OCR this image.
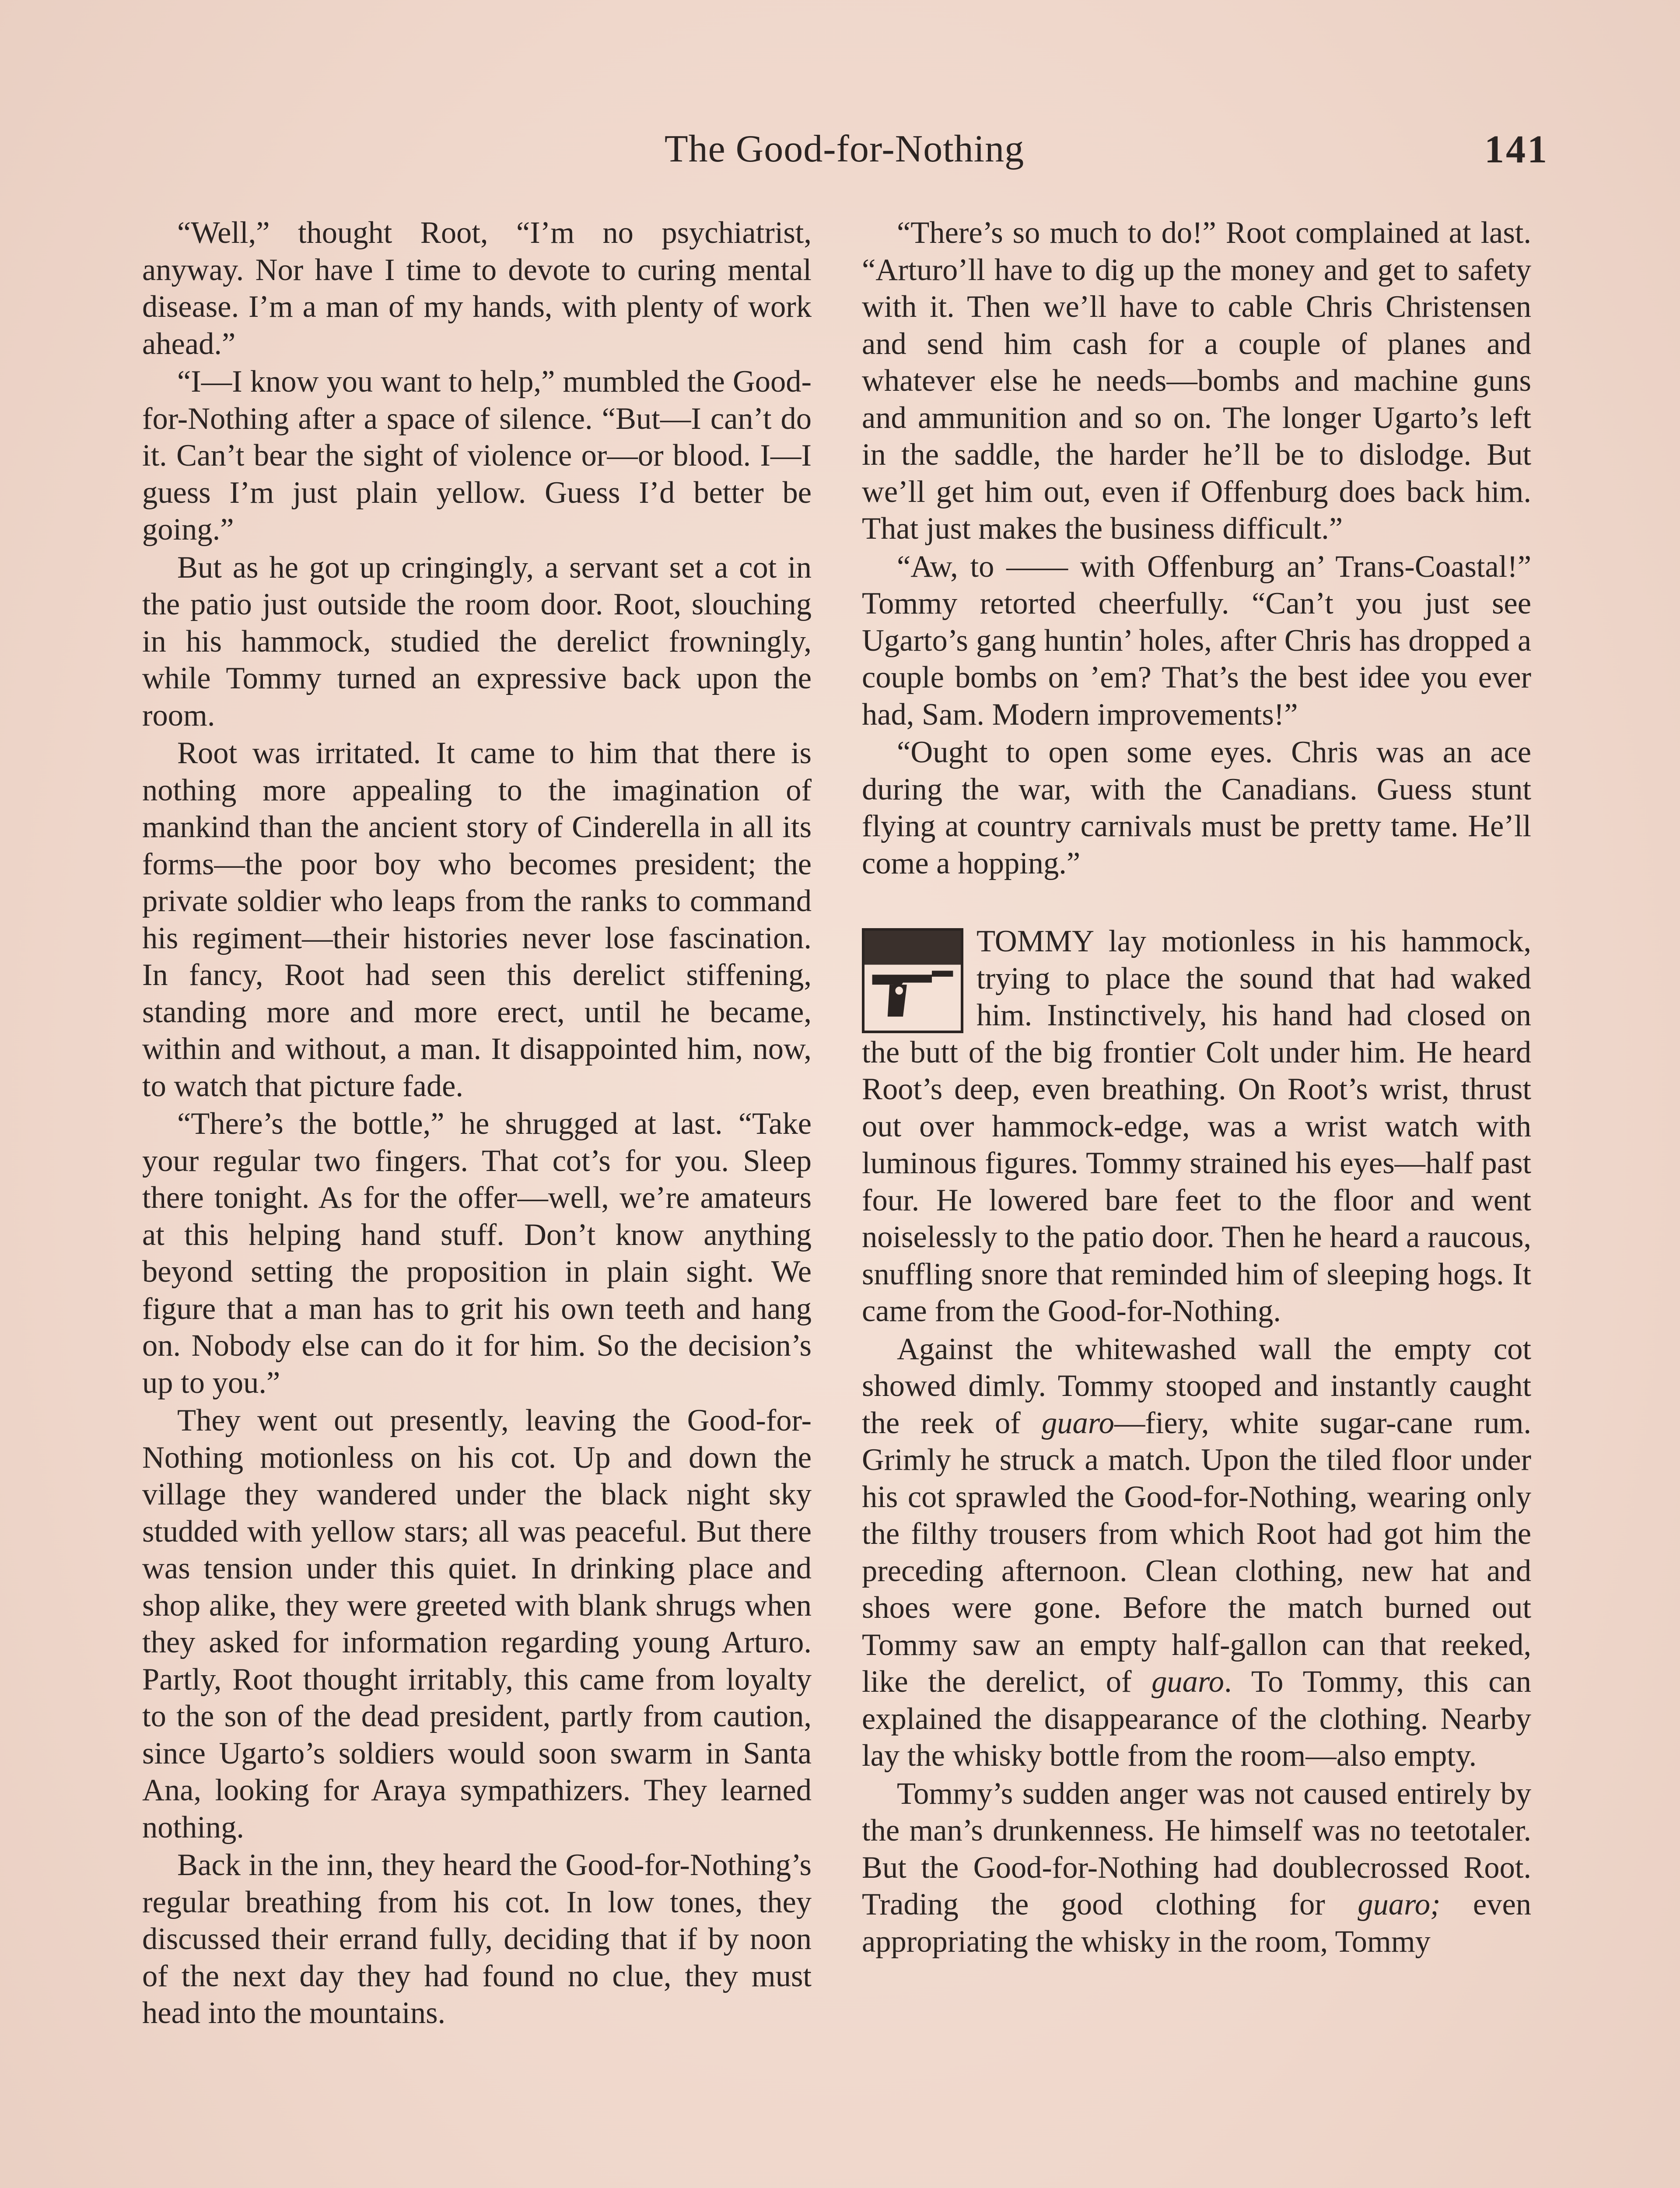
The Good-for-Nothing	141

“Well,” thought Root, “I’m no psychiatrist, anyway. Nor have I time to devote to curing mental disease. I’m a man of my hands, with plenty of work ahead.”

“I—I know you want to help,” mumbled the Good-for-Nothing after a space of silence. “But—I can’t do it. Can’t bear the sight of violence or—or blood. I—I guess I’m just plain yellow. Guess I’d better be going.”

But as he got up cringingly, a servant set a cot in the patio just outside the room door. Root, slouching in his hammock, studied the derelict frowningly, while Tommy turned an expressive back upon the room.

Root was irritated. It came to him that there is nothing more appealing to the imagination of mankind than the ancient story of Cinderella in all its forms—the poor boy who becomes president; the private soldier who leaps from the ranks to command his regiment—their histories never lose fascination. In fancy, Root had seen this derelict stiffening, standing more and more erect, until he became, within and without, a man. It disappointed him, now, to watch that picture fade.

“There’s the bottle,” he shrugged at last. “Take your regular two fingers. That cot’s for you. Sleep there tonight. As for the offer—well, we’re amateurs at this helping hand stuff. Don’t know anything beyond setting the proposition in plain sight. We figure that a man has to grit his own teeth and hang on. Nobody else can do it for him. So the decision’s up to you.”

They went out presently, leaving the Good-for-Nothing motionless on his cot. Up and down the village they wandered under the black night sky studded with yellow stars; all was peaceful. But there was tension under this quiet. In drinking place and shop alike, they were greeted with blank shrugs when they asked for information regarding young Arturo. Partly, Root thought irritably, this came from loyalty to the son of the dead president, partly from caution, since Ugarto’s soldiers would soon swarm in Santa Ana, looking for Araya sympathizers. They learned nothing.

Back in the inn, they heard the Good-for-Nothing’s regular breathing from his cot. In low tones, they discussed their errand fully, deciding that if by noon of the next day they had found no clue, they must head into the mountains.

“There’s so much to do!” Root complained at last. “Arturo’ll have to dig up the money and get to safety with it. Then we’ll have to cable Chris Christensen and send him cash for a couple of planes and whatever else he needs—bombs and machine guns and ammunition and so on. The longer Ugarto’s left in the saddle, the harder he’ll be to dislodge. But we’ll get him out, even if Offenburg does back him. That just makes the business difficult.”

“Aw, to —— with Offenburg an’ Trans-Coastal!” Tommy retorted cheerfully. “Can’t you just see Ugarto’s gang huntin’ holes, after Chris has dropped a couple bombs on ’em? That’s the best idee you ever had, Sam. Modern improvements!”

“Ought to open some eyes. Chris was an ace during the war, with the Canadians. Guess stunt flying at country carnivals must be pretty tame. He’ll come a hopping.”

TOMMY lay motionless in his hammock, trying to place the sound that had waked him. Instinctively, his hand had closed on the butt of the big frontier Colt under him. He heard Root’s deep, even breathing. On Root’s wrist, thrust out over hammock-edge, was a wrist watch with luminous figures. Tommy strained his eyes—half past four. He lowered bare feet to the floor and went noiselessly to the patio door. Then he heard a raucous, snuffling snore that reminded him of sleeping hogs. It came from the Good-for-Nothing.

Against the whitewashed wall the empty cot showed dimly. Tommy stooped and instantly caught the reek of guaro—fiery, white sugar-cane rum. Grimly he struck a match. Upon the tiled floor under his cot sprawled the Good-for-Nothing, wearing only the filthy trousers from which Root had got him the preceding afternoon. Clean clothing, new hat and shoes were gone. Before the match burned out Tommy saw an empty half-gallon can that reeked, like the derelict, of guaro. To Tommy, this can explained the disappearance of the clothing. Nearby lay the whisky bottle from the room—also empty.

Tommy’s sudden anger was not caused entirely by the man’s drunkenness. He himself was no teetotaler. But the Good-for-Nothing had doublecrossed Root. Trading the good clothing for guaro; even appropriating the whisky in the room, Tommy
